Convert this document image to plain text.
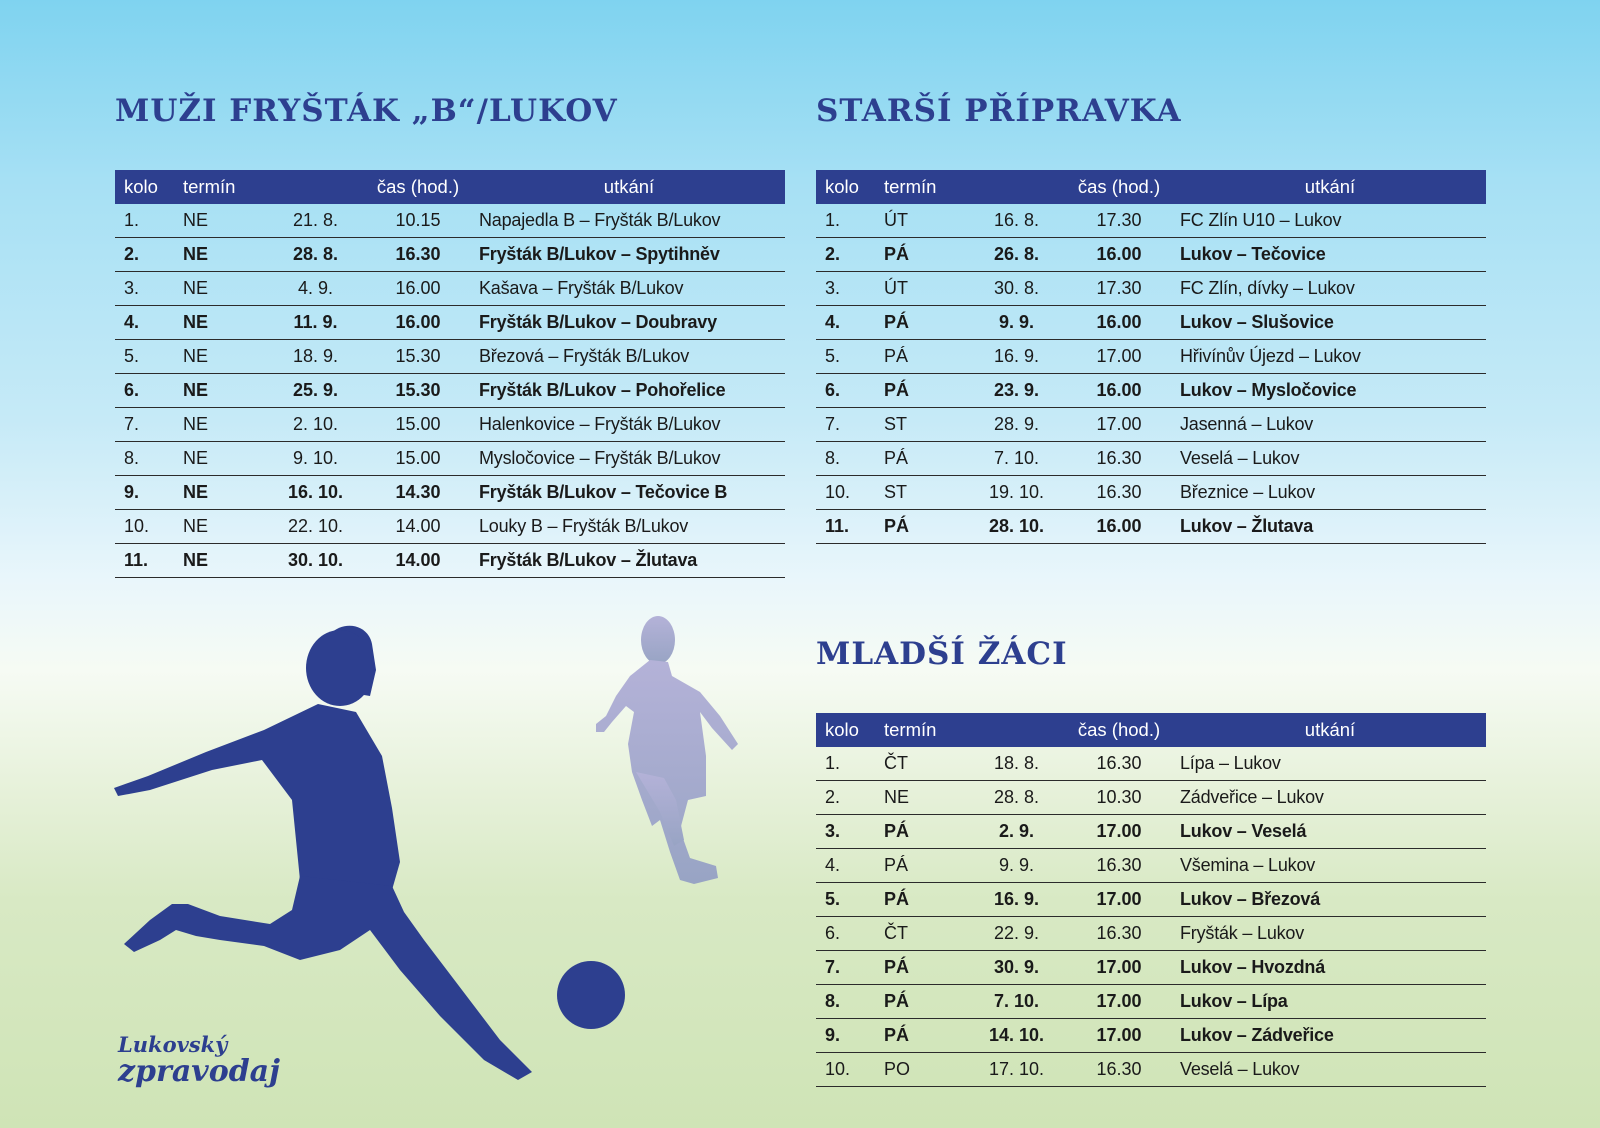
MUŽI FRYŠTÁK „B“/LUKOV	STARŠÍ PŘÍPRAVKA
MLADŠÍ ŽÁCI
kolo	termín		čas (hod.)	utkání
1.	NE	21. 8.	10.15	Napajedla B – Fryšták B/Lukov
2.	NE	28. 8.	16.30	Fryšták B/Lukov – Spytihněv
3.	NE	4. 9.	16.00	Kašava – Fryšták B/Lukov
4.	NE	11. 9.	16.00	Fryšták B/Lukov – Doubravy
5.	NE	18. 9.	15.30	Březová – Fryšták B/Lukov
6.	NE	25. 9.	15.30	Fryšták B/Lukov – Pohořelice
7.	NE	2. 10.	15.00	Halenkovice – Fryšták B/Lukov
8.	NE	9. 10.	15.00	Mysločovice – Fryšták B/Lukov
9.	NE	16. 10.	14.30	Fryšták B/Lukov – Tečovice B
10.	NE	22. 10.	14.00	Louky B – Fryšták B/Lukov
11.	NE	30. 10.	14.00	Fryšták B/Lukov – Žlutava
kolo	termín		čas (hod.)	utkání
1.	ÚT	16. 8.	17.30	FC Zlín U10 – Lukov
2.	PÁ	26. 8.	16.00	Lukov – Tečovice
3.	ÚT	30. 8.	17.30	FC Zlín, dívky – Lukov
4.	PÁ	9. 9.	16.00	Lukov – Slušovice
5.	PÁ	16. 9.	17.00	Hřivínův Újezd – Lukov
6.	PÁ	23. 9.	16.00	Lukov – Mysločovice
7.	ST	28. 9.	17.00	Jasenná – Lukov
8.	PÁ	7. 10.	16.30	Veselá – Lukov
10.	ST	19. 10.	16.30	Březnice – Lukov
11.	PÁ	28. 10.	16.00	Lukov – Žlutava
kolo	termín		čas (hod.)	utkání
1.	ČT	18. 8.	16.30	Lípa – Lukov
2.	NE	28. 8.	10.30	Zádveřice – Lukov
3.	PÁ	2. 9.	17.00	Lukov – Veselá
4.	PÁ	9. 9.	16.30	Všemina – Lukov
5.	PÁ	16. 9.	17.00	Lukov – Březová
6.	ČT	22. 9.	16.30	Fryšták – Lukov
7.	PÁ	30. 9.	17.00	Lukov – Hvozdná
8.	PÁ	7. 10.	17.00	Lukov – Lípa
9.	PÁ	14. 10.	17.00	Lukov – Zádveřice
10.	PO	17. 10.	16.30	Veselá – Lukov
Lukovský
zpravodaj
